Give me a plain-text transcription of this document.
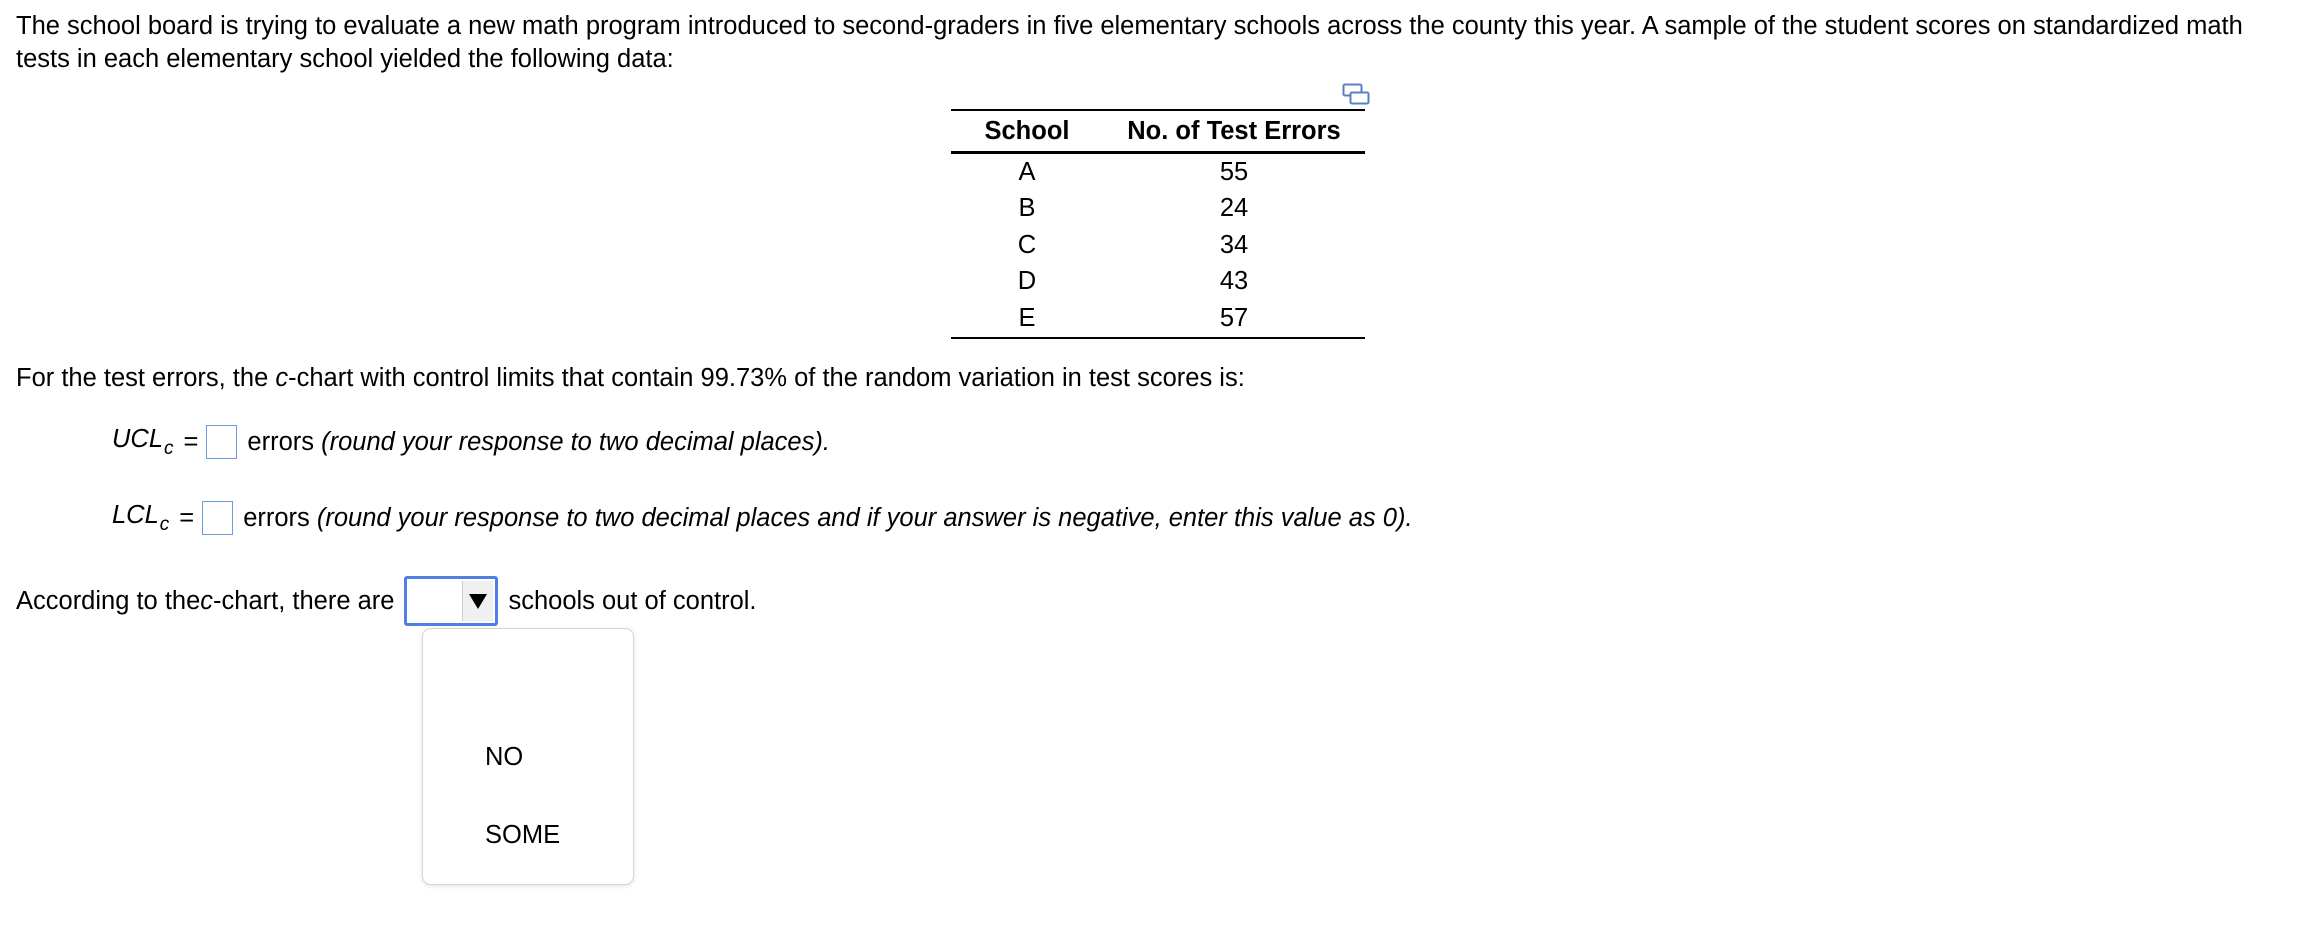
The school board is trying to evaluate a new math program introduced to second-graders in five elementary schools across the county this year. A sample of the student scores on standardized math tests in each elementary school yielded the following data:
School	No. of Test Errors
A	55
B	24
C	34
D	43
E	57
For the test errors, the c-chart with control limits that contain 99.73% of the random variation in test scores is:
$UCL_c$ = errors
(round your response to two decimal places).
$LCL_c$ = errors
(round your response to two decimal places and if your answer is negative, enter this value as 0).
According to the c -chart, there are	schools out of control.
NO
SOME
